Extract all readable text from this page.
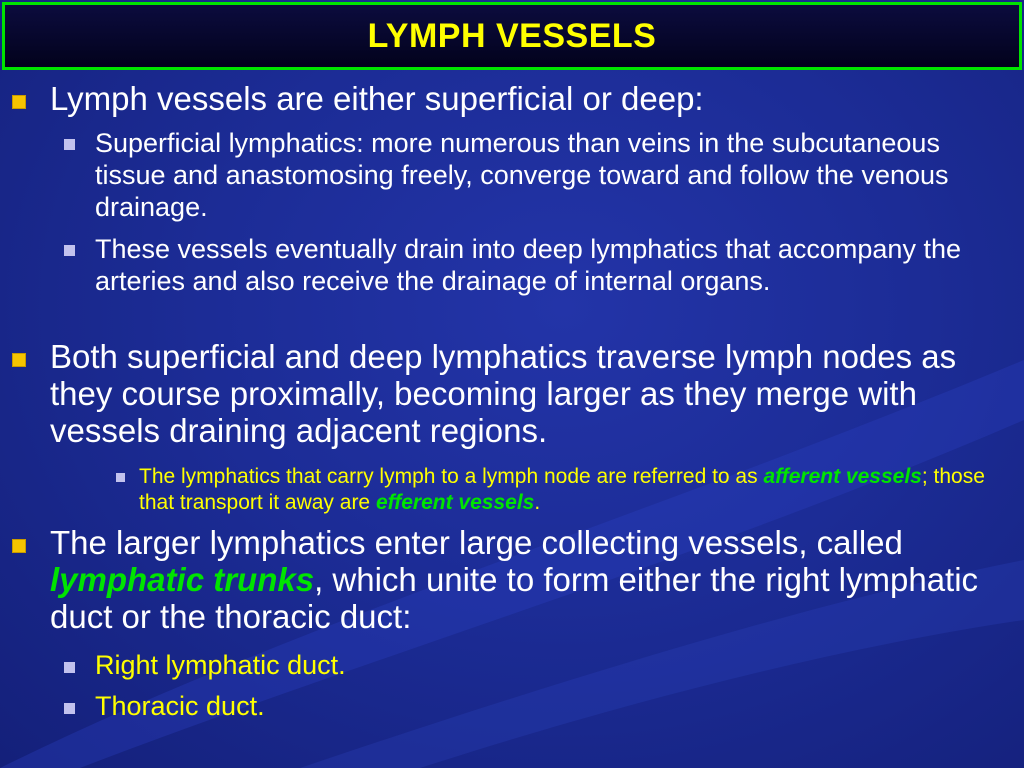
LYMPH VESSELS
Lymph vessels are either superficial or deep:
Superficial lymphatics: more numerous than veins in the subcutaneous tissue and anastomosing freely, converge toward and follow the venous drainage.
These vessels eventually drain into deep lymphatics that accompany the arteries and also receive the drainage of internal organs.
Both superficial and deep lymphatics traverse lymph nodes as they course proximally, becoming larger as they merge with vessels draining adjacent regions.
The lymphatics that carry lymph to a lymph node are referred to as afferent vessels; those that transport it away are efferent vessels.
The larger lymphatics enter large collecting vessels, called lymphatic trunks, which unite to form either the right lymphatic duct or the thoracic duct:
Right lymphatic duct.
Thoracic duct.
